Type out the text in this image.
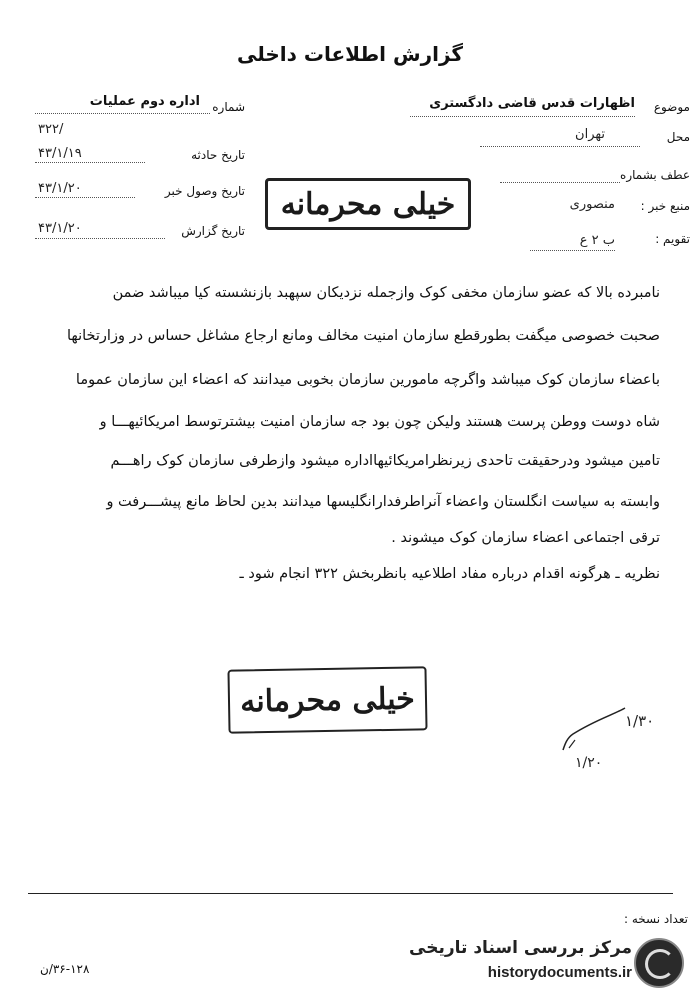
گزارش اطلاعات داخلی
شماره
اداره دوم عملیات
۳۲۲/
تاریخ حادثه
۴۳/۱/۱۹
تاریخ وصول خبر
۴۳/۱/۲۰
تاریخ گزارش
۴۳/۱/۲۰
موضوع
اظهارات قدس قاضی دادگستری
محل
تهران
عطف بشماره
منبع خبر :
منصوری
تقویم :
ب ۲ ع
خیلی محرمانه
نامبرده بالا که عضو سازمان مخفی کوک وازجمله نزدیکان سپهبد بازنشسته کیا میباشد ضمن
صحبت خصوصی میگفت بطورقطع سازمان امنیت مخالف ومانع ارجاع مشاغل حساس در وزارتخانها
باعضاء سازمان کوک میباشد واگرچه مامورین سازمان بخوبی میدانند که اعضاء این سازمان عموما
شاه دوست ووطن پرست هستند ولیکن چون بود جه سازمان امنیت بیشترتوسط امریکائیهـــا و
تامین میشود ودرحقیقت تاحدی زیرنظرامریکائیهااداره میشود وازطرفی سازمان کوک راهـــم
وابسته به سیاست انگلستان واعضاء آنراطرفدارانگلیسها میدانند بدین لحاظ مانع پیشـــرفت و
ترقی اجتماعی اعضاء سازمان کوک میشوند .
نظریه ـ هرگونه اقدام درباره مفاد اطلاعیه بانظربخش ۳۲۲ انجام شود ـ
خیلی محرمانه
۱/۳۰
۱/۲۰
تعداد نسخه :
۳۶-۱۲۸/ن
مرکز بررسی اسناد تاریخی
historydocuments.ir
